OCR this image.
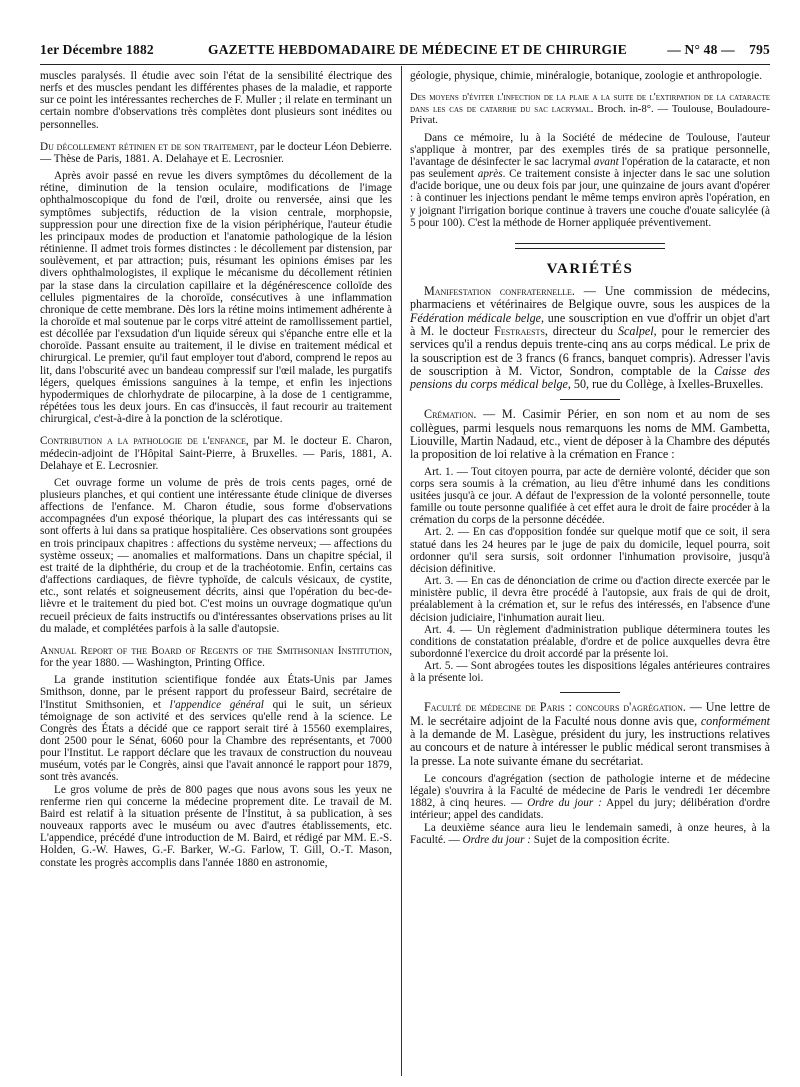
1er Décembre 1882	GAZETTE HEBDOMADAIRE DE MÉDECINE ET DE CHIRURGIE	— N° 48 — 795

muscles paralysés. Il étudie avec soin l'état de la sensibilité électrique des nerfs et des muscles pendant les différentes phases de la maladie, et rapporte sur ce point les intéressantes recherches de F. Muller ; il relate en terminant un certain nombre d'observations très complètes dont plusieurs sont inédites ou personnelles.

Du décollement rétinien et de son traitement, par le docteur Léon Debierre. — Thèse de Paris, 1881. A. Delahaye et E. Lecrosnier.

Après avoir passé en revue les divers symptômes du décollement de la rétine, diminution de la tension oculaire, modifications de l'image ophthalmoscopique du fond de l'œil, droite ou renversée, ainsi que les symptômes subjectifs, réduction de la vision centrale, morphopsie, suppression pour une direction fixe de la vision périphérique, l'auteur étudie les principaux modes de production et l'anatomie pathologique de la lésion rétinienne. Il admet trois formes distinctes : le décollement par distension, par soulèvement, et par attraction; puis, résumant les opinions émises par les divers ophthalmologistes, il explique le mécanisme du décollement rétinien par la stase dans la circulation capillaire et la dégénérescence colloïde des cellules pigmentaires de la choroïde, consécutives à une inflammation chronique de cette membrane. Dès lors la rétine moins intimement adhérente à la choroïde et mal soutenue par le corps vitré atteint de ramollissement partiel, est décollée par l'exsudation d'un liquide séreux qui s'épanche entre elle et la choroïde. Passant ensuite au traitement, il le divise en traitement médical et chirurgical. Le premier, qu'il faut employer tout d'abord, comprend le repos au lit, dans l'obscurité avec un bandeau compressif sur l'œil malade, les purgatifs légers, quelques émissions sanguines à la tempe, et enfin les injections hypodermiques de chlorhydrate de pilocarpine, à la dose de 1 centigramme, répétées tous les deux jours. En cas d'insuccès, il faut recourir au traitement chirurgical, c'est-à-dire à la ponction de la sclérotique.

Contribution a la pathologie de l'enfance, par M. le docteur E. Charon, médecin-adjoint de l'Hôpital Saint-Pierre, à Bruxelles. — Paris, 1881, A. Delahaye et E. Lecrosnier.

Cet ouvrage forme un volume de près de trois cents pages, orné de plusieurs planches, et qui contient une intéressante étude clinique de diverses affections de l'enfance. M. Charon étudie, sous forme d'observations accompagnées d'un exposé théorique, la plupart des cas intéressants qui se sont offerts à lui dans sa pratique hospitalière. Ces observations sont groupées en trois principaux chapitres : affections du système nerveux; — affections du système osseux; — anomalies et malformations. Dans un chapitre spécial, il est traité de la diphthérie, du croup et de la trachéotomie. Enfin, certains cas d'affections cardiaques, de fièvre typhoïde, de calculs vésicaux, de cystite, etc., sont relatés et soigneusement décrits, ainsi que l'opération du bec-de-lièvre et le traitement du pied bot. C'est moins un ouvrage dogmatique qu'un recueil précieux de faits instructifs ou d'intéressantes observations prises au lit du malade, et complétées parfois à la salle d'autopsie.

Annual Report of the Board of Regents of the Smithsonian Institution, for the year 1880. — Washington, Printing Office.

La grande institution scientifique fondée aux États-Unis par James Smithson, donne, par le présent rapport du professeur Baird, secrétaire de l'Institut Smithsonien, et l'appendice général qui le suit, un sérieux témoignage de son activité et des services qu'elle rend à la science. Le Congrès des États a décidé que ce rapport serait tiré à 15560 exemplaires, dont 2500 pour le Sénat, 6060 pour la Chambre des représentants, et 7000 pour l'Institut. Le rapport déclare que les travaux de construction du nouveau muséum, votés par le Congrès, ainsi que l'avait annoncé le rapport pour 1879, sont très avancés.

Le gros volume de près de 800 pages que nous avons sous les yeux ne renferme rien qui concerne la médecine proprement dite. Le travail de M. Baird est relatif à la situation présente de l'Institut, à sa publication, à ses nouveaux rapports avec le muséum ou avec d'autres établissements, etc. L'appendice, précédé d'une introduction de M. Baird, et rédigé par MM. E.-S. Holden, G.-W. Hawes, G.-F. Barker, W.-G. Farlow, T. Gill, O.-T. Mason, constate les progrès accomplis dans l'année 1880 en astronomie,

géologie, physique, chimie, minéralogie, botanique, zoologie et anthropologie.

Des moyens d'éviter l'infection de la plaie a la suite de l'extirpation de la cataracte dans les cas de catarrhe du sac lacrymal. Broch. in-8°. — Toulouse, Bouladoure-Privat.

Dans ce mémoire, lu à la Société de médecine de Toulouse, l'auteur s'applique à montrer, par des exemples tirés de sa pratique personnelle, l'avantage de désinfecter le sac lacrymal avant l'opération de la cataracte, et non pas seulement après. Ce traitement consiste à injecter dans le sac une solution d'acide borique, une ou deux fois par jour, une quinzaine de jours avant d'opérer : à continuer les injections pendant le même temps environ après l'opération, en y joignant l'irrigation borique continue à travers une couche d'ouate salicylée (à 5 pour 100). C'est la méthode de Horner appliquée préventivement.

VARIÉTÉS

Manifestation confraternelle. — Une commission de médecins, pharmaciens et vétérinaires de Belgique ouvre, sous les auspices de la Fédération médicale belge, une souscription en vue d'offrir un objet d'art à M. le docteur Festraests, directeur du Scalpel, pour le remercier des services qu'il a rendus depuis trente-cinq ans au corps médical. Le prix de la souscription est de 3 francs (6 francs, banquet compris). Adresser l'avis de souscription à M. Victor, Sondron, comptable de la Caisse des pensions du corps médical belge, 50, rue du Collège, à Ixelles-Bruxelles.

Crémation. — M. Casimir Périer, en son nom et au nom de ses collègues, parmi lesquels nous remarquons les noms de MM. Gambetta, Liouville, Martin Nadaud, etc., vient de déposer à la Chambre des députés la proposition de loi relative à la crémation en France :

Art. 1. — Tout citoyen pourra, par acte de dernière volonté, décider que son corps sera soumis à la crémation, au lieu d'être inhumé dans les conditions usitées jusqu'à ce jour. A défaut de l'expression de la volonté personnelle, toute famille ou toute personne qualifiée à cet effet aura le droit de faire procéder à la crémation du corps de la personne décédée.

Art. 2. — En cas d'opposition fondée sur quelque motif que ce soit, il sera statué dans les 24 heures par le juge de paix du domicile, lequel pourra, soit ordonner qu'il sera sursis, soit ordonner l'inhumation provisoire, jusqu'à décision définitive.

Art. 3. — En cas de dénonciation de crime ou d'action directe exercée par le ministère public, il devra être procédé à l'autopsie, aux frais de qui de droit, préalablement à la crémation et, sur le refus des intéressés, en l'absence d'une décision judiciaire, l'inhumation aurait lieu.

Art. 4. — Un règlement d'administration publique déterminera toutes les conditions de constatation préalable, d'ordre et de police auxquelles devra être subordonné l'exercice du droit accordé par la présente loi.

Art. 5. — Sont abrogées toutes les dispositions légales antérieures contraires à la présente loi.

Faculté de médecine de Paris : concours d'agrégation. — Une lettre de M. le secrétaire adjoint de la Faculté nous donne avis que, conformément à la demande de M. Lasègue, président du jury, les instructions relatives au concours et de nature à intéresser le public médical seront transmises à la presse. La note suivante émane du secrétariat.

Le concours d'agrégation (section de pathologie interne et de médecine légale) s'ouvrira à la Faculté de médecine de Paris le vendredi 1er décembre 1882, à cinq heures. — Ordre du jour : Appel du jury; délibération d'ordre intérieur; appel des candidats.

La deuxième séance aura lieu le lendemain samedi, à onze heures, à la Faculté. — Ordre du jour : Sujet de la composition écrite.
